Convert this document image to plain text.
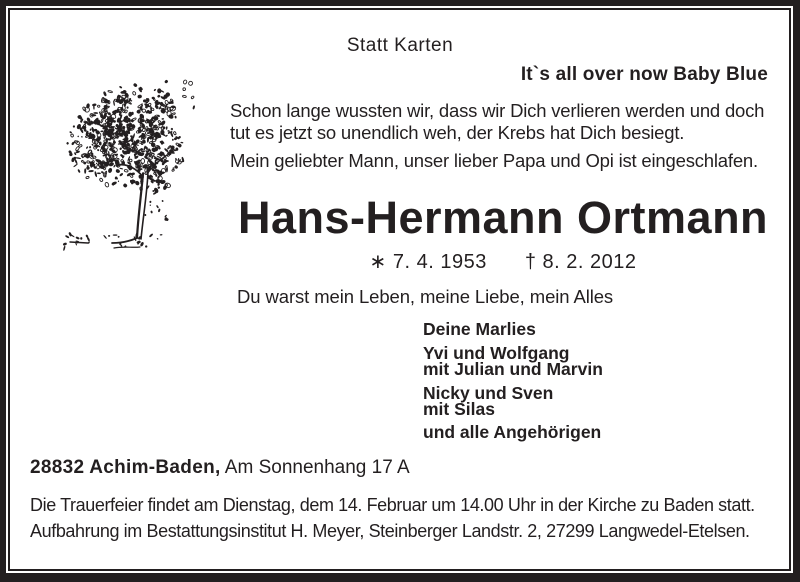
Statt Karten
It`s all over now Baby Blue
Schon lange wussten wir, dass wir Dich verlieren werden und doch
tut es jetzt so unendlich weh, der Krebs hat Dich besiegt.
Mein geliebter Mann, unser lieber Papa und Opi ist eingeschlafen.
Hans-Hermann Ortmann
∗ 7. 4. 1953 † 8. 2. 2012
Du warst mein Leben, meine Liebe, mein Alles
Deine Marlies
Yvi und Wolfgang
mit Julian und Marvin
Nicky und Sven
mit Silas
und alle Angehörigen
28832 Achim-Baden, Am Sonnenhang 17 A
Die Trauerfeier findet am Dienstag, dem 14. Februar um 14.00 Uhr in der Kirche zu Baden statt.
Aufbahrung im Bestattungsinstitut H. Meyer, Steinberger Landstr. 2, 27299 Langwedel-Etelsen.
